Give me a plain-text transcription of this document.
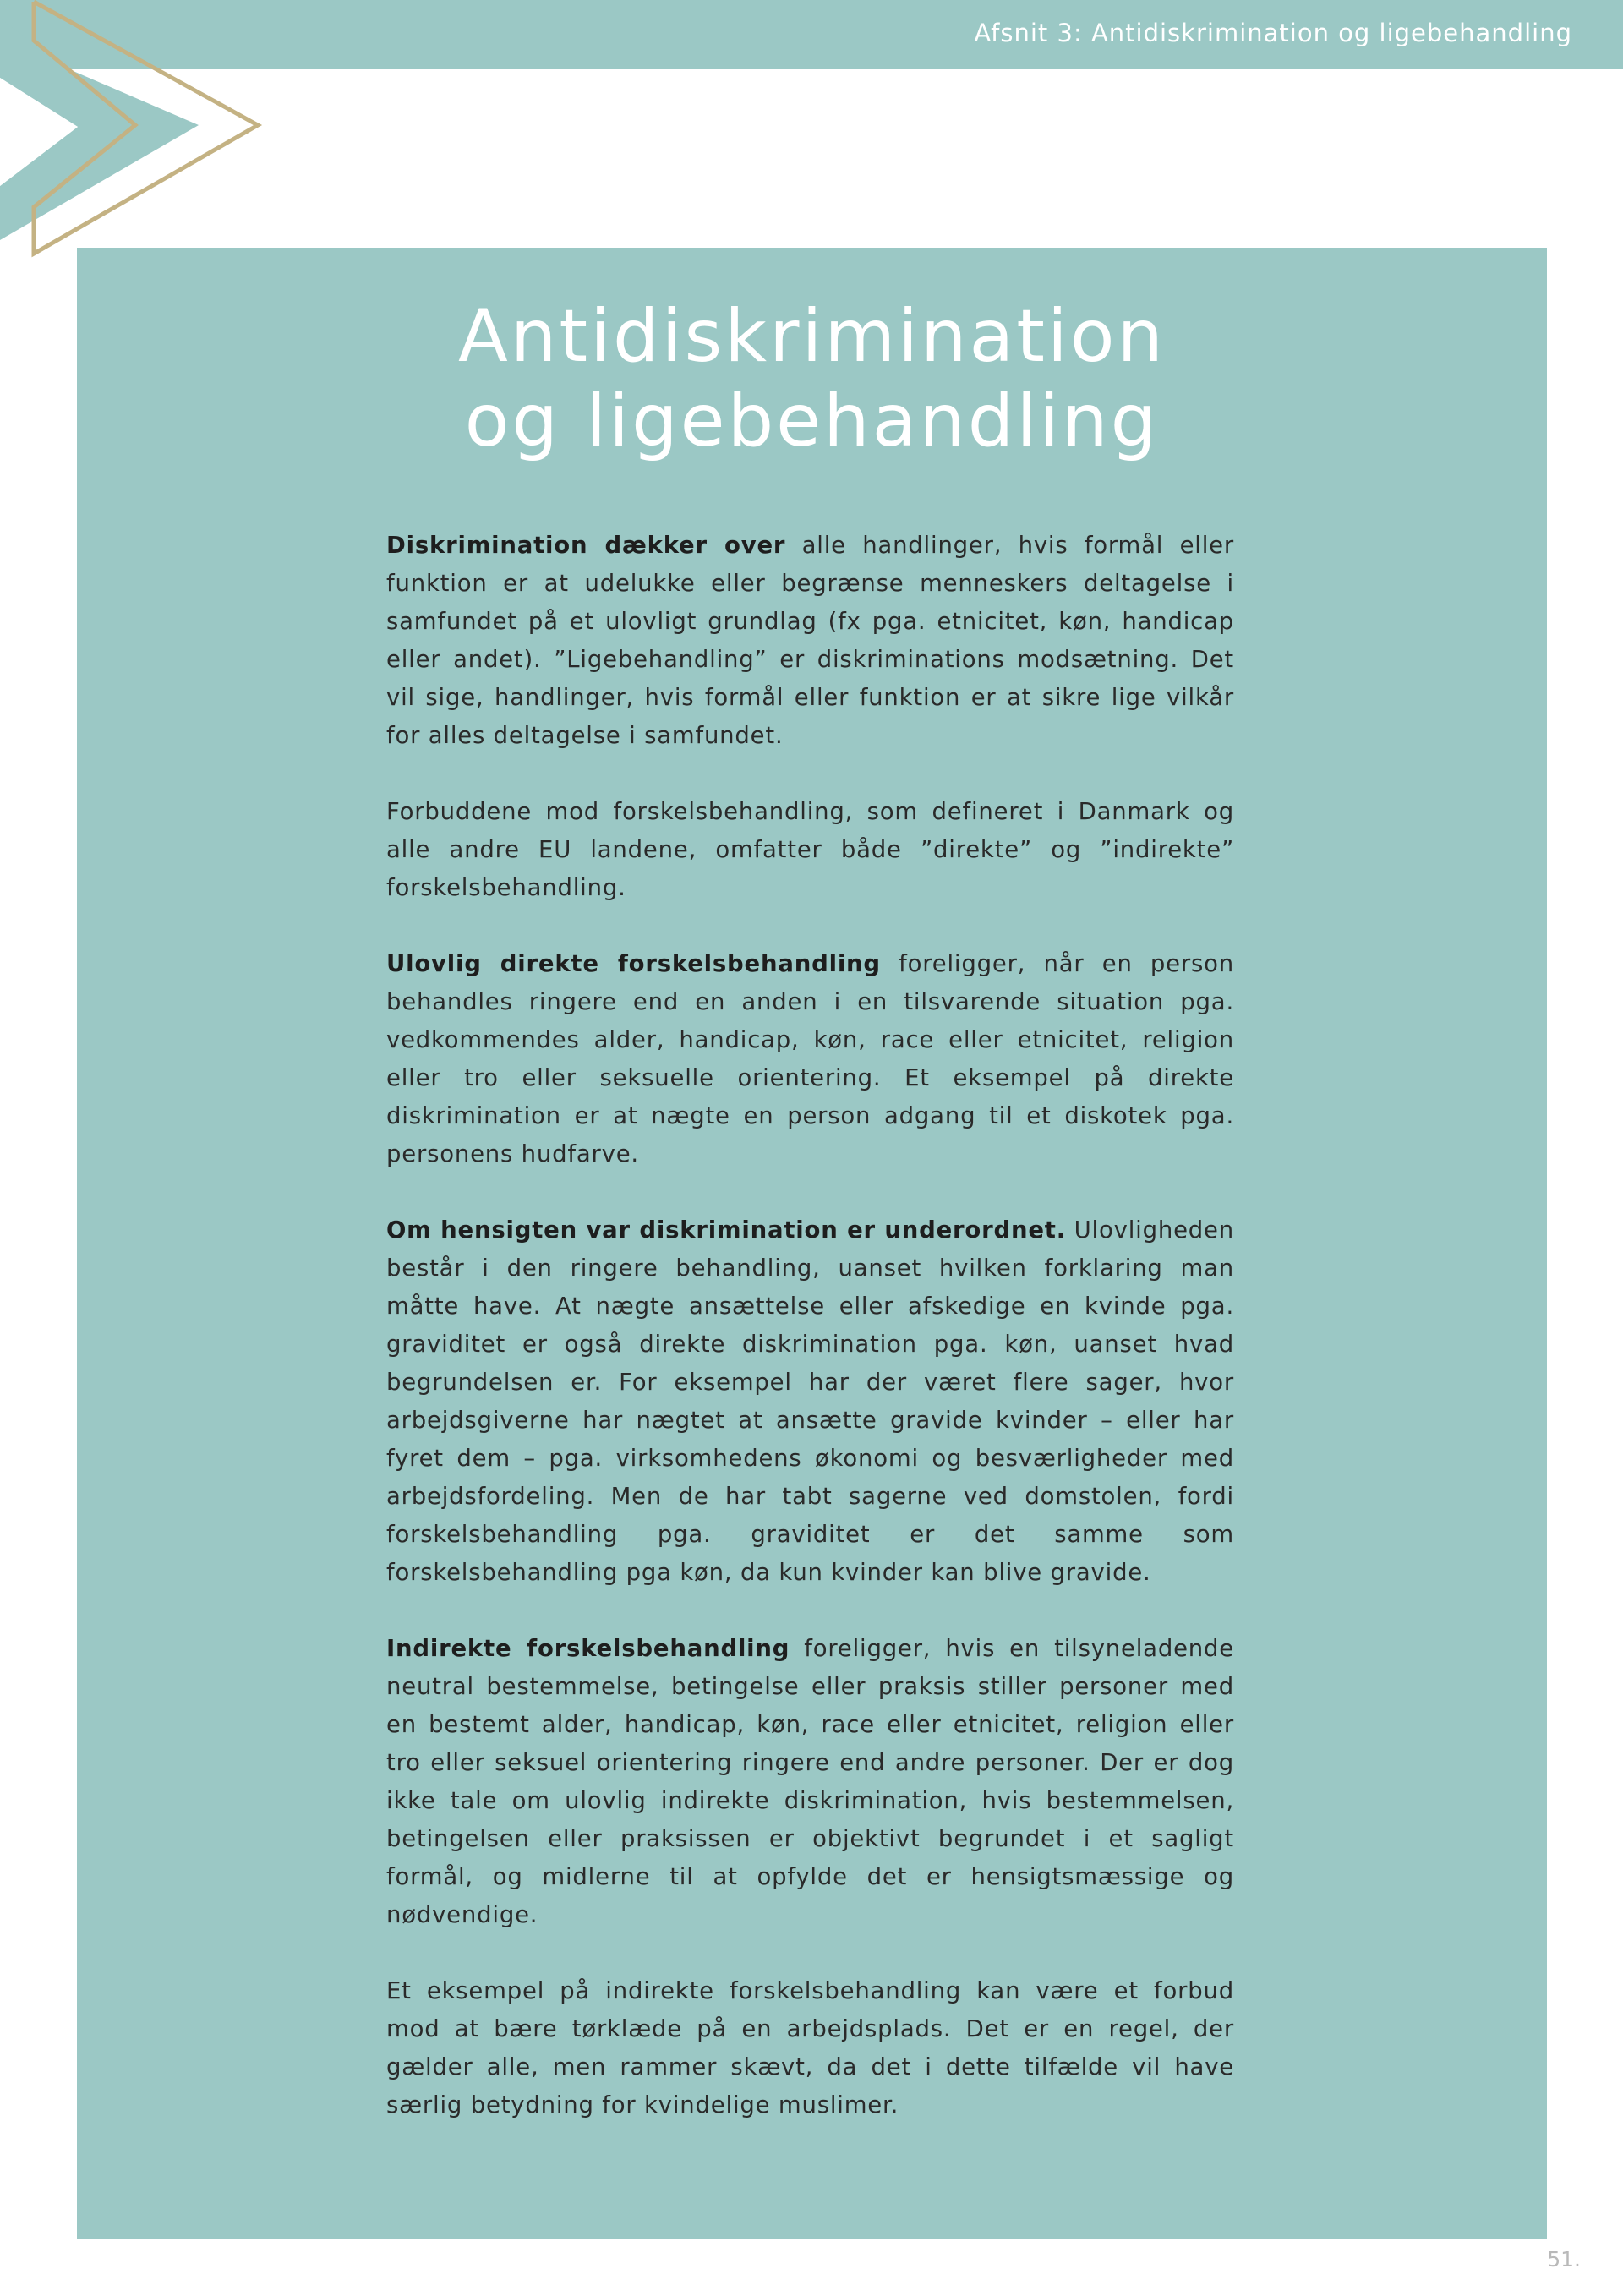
Afsnit 3: Antidiskrimination og ligebehandling
Antidiskrimination
og ligebehandling

Diskrimination dækker over alle handlinger, hvis formål eller funktion er at udelukke eller begrænse menneskers deltagelse i samfundet på et ulovligt grundlag (fx pga. etnicitet, køn, handicap eller andet). ”Ligebehandling” er diskriminations modsætning. Det vil sige, handlinger, hvis formål eller funktion er at sikre lige vilkår for alles deltagelse i samfundet.

Forbuddene mod forskelsbehandling, som defineret i Danmark og alle andre EU landene, omfatter både ”direkte” og ”indirekte” forskelsbehandling.

Ulovlig direkte forskelsbehandling foreligger, når en person behandles ringere end en anden i en tilsvarende situation pga. vedkommendes alder, handicap, køn, race eller etnicitet, religion eller tro eller seksuelle orientering. Et eksempel på direkte diskrimination er at nægte en person adgang til et diskotek pga. personens hudfarve.

Om hensigten var diskrimination er underordnet. Ulovligheden består i den ringere behandling, uanset hvilken forklaring man måtte have. At nægte ansættelse eller afskedige en kvinde pga. graviditet er også direkte diskrimination pga. køn, uanset hvad begrundelsen er. For eksempel har der været flere sager, hvor arbejdsgiverne har nægtet at ansætte gravide kvinder – eller har fyret dem – pga. virksomhedens økonomi og besværligheder med arbejdsfordeling. Men de har tabt sagerne ved domstolen, fordi forskelsbehandling pga. graviditet er det samme som forskelsbehandling pga køn, da kun kvinder kan blive gravide.

Indirekte forskelsbehandling foreligger, hvis en tilsyneladende neutral bestemmelse, betingelse eller praksis stiller personer med en bestemt alder, handicap, køn, race eller etnicitet, religion eller tro eller seksuel orientering ringere end andre personer. Der er dog ikke tale om ulovlig indirekte diskrimination, hvis bestemmelsen, betingelsen eller praksissen er objektivt begrundet i et sagligt formål, og midlerne til at opfylde det er hensigtsmæssige og nødvendige.

Et eksempel på indirekte forskelsbehandling kan være et forbud mod at bære tørklæde på en arbejdsplads. Det er en regel, der gælder alle, men rammer skævt, da det i dette tilfælde vil have særlig betydning for kvindelige muslimer.

51.
